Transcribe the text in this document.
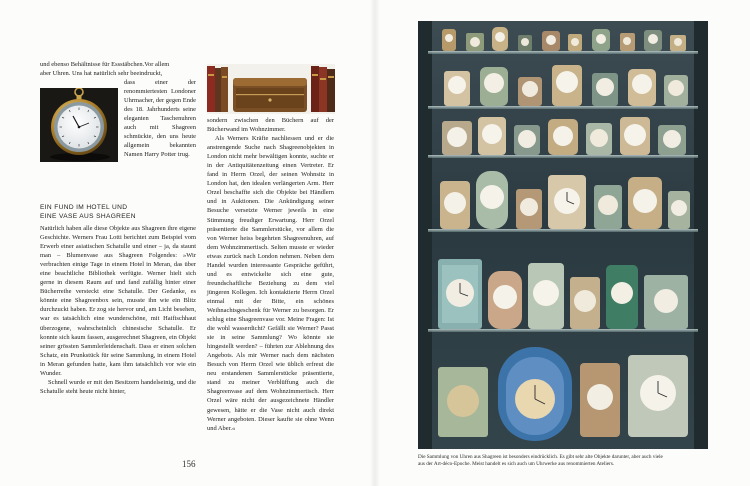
und ebenso Behältnisse für Essstäbchen.Vor allem
aber Uhren. Uns hat natürlich sehr beeindruckt,
dass einer der renommiertesten Londoner Uhrmacher, der gegen Ende des 18. Jahrhunderts seine eleganten Taschenuhren auch mit Shagreen schmückte, den uns heute allgemein bekannten Namen Harry Potter trug.
EIN FUND IM HOTEL UND
EINE VASE AUS SHAGREEN

Natürlich haben alle diese Objekte aus Shagreen ihre eigene Geschichte. Werners Frau Lotti berichtet zum Beispiel vom Erwerb einer asiatischen Schatulle und einer – ja, da staunt man – Blumenvase aus Shagreen Folgendes: »Wir verbrachten einige Tage in einem Hotel in Meran, das über eine beachtliche Bibliothek verfügte. Werner hielt sich gerne in diesem Raum auf und fand zufällig hinter einer Bücherreihe versteckt eine Schatulle. Der Gedanke, es könnte eine Shagreenbox sein, musste ihn wie ein Blitz durchzuckt haben. Er zog sie hervor und, am Licht besehen, war es tatsächlich eine wunderschöne, mit Haifischhaut überzogene, wahrscheinlich chinesische Schatulle. Er konnte sich kaum fassen, ausgerechnet Shagreen, ein Objekt seiner grössten Sammlerleidenschaft. Dass er einen solchen Schatz, ein Prunkstück für seine Sammlung, in einem Hotel in Meran gefunden hatte, kam ihm tatsächlich vor wie ein Wunder.

Schnell wurde er mit den Besitzern handelseinig, und die Schatulle steht heute nicht hinter,

sondern zwischen den Büchern auf der Bücherwand im Wohnzimmer.

Als Werners Kräfte nachliessen und er die anstrengende Suche nach Shagreenobjekten in London nicht mehr bewältigen konnte, suchte er in der Antiquitätenzeitung einen Vertreter. Er fand in Herrn Orzel, der seinen Wohnsitz in London hat, den idealen verlängerten Arm. Herr Orzel beschaffte sich die Objekte bei Händlern und in Auktionen. Die Ankündigung seiner Besuche versetzte Werner jeweils in eine Stimmung freudiger Erwartung. Herr Orzel präsentierte die Sammlerstücke, vor allem die von Werner heiss begehrten Shagreenuhren, auf dem Wohnzimmertisch. Selten musste er wieder etwas zurück nach London nehmen. Neben dem Handel wurden interessante Gespräche geführt, und es entwickelte sich eine gute, freundschaftliche Beziehung zu dem viel jüngeren Kollegen. Ich kontaktierte Herrn Orzel einmal mit der Bitte, ein schönes Weihnachtsgeschenk für Werner zu besorgen. Er schlug eine Shagreenvase vor. Meine Fragen: Ist die wohl wasserdicht? Gefällt sie Werner? Passt sie in seine Sammlung? Wo könnte sie hingestellt werden? – führten zur Ablehnung des Angebots. Als mir Werner nach dem nächsten Besuch von Herrn Orzel wie üblich erfreut die neu erstandenen Sammlerstücke präsentierte, stand zu meiner Verblüffung auch die Shagreenvase auf dem Wohnzimmertisch. Herr Orzel wäre nicht der ausgezeichnete Händler gewesen, hätte er die Vase nicht auch direkt Werner angeboten. Dieser kaufte sie ohne Wenn und Aber.«

156

Die Sammlung von Uhren aus Shagreen ist besonders eindrücklich. Es gibt sehr alte Objekte darunter, aber auch viele

aus der Art-déco-Epoche. Meist handelt es sich auch um Uhrwerke aus renommierten Ateliers.
